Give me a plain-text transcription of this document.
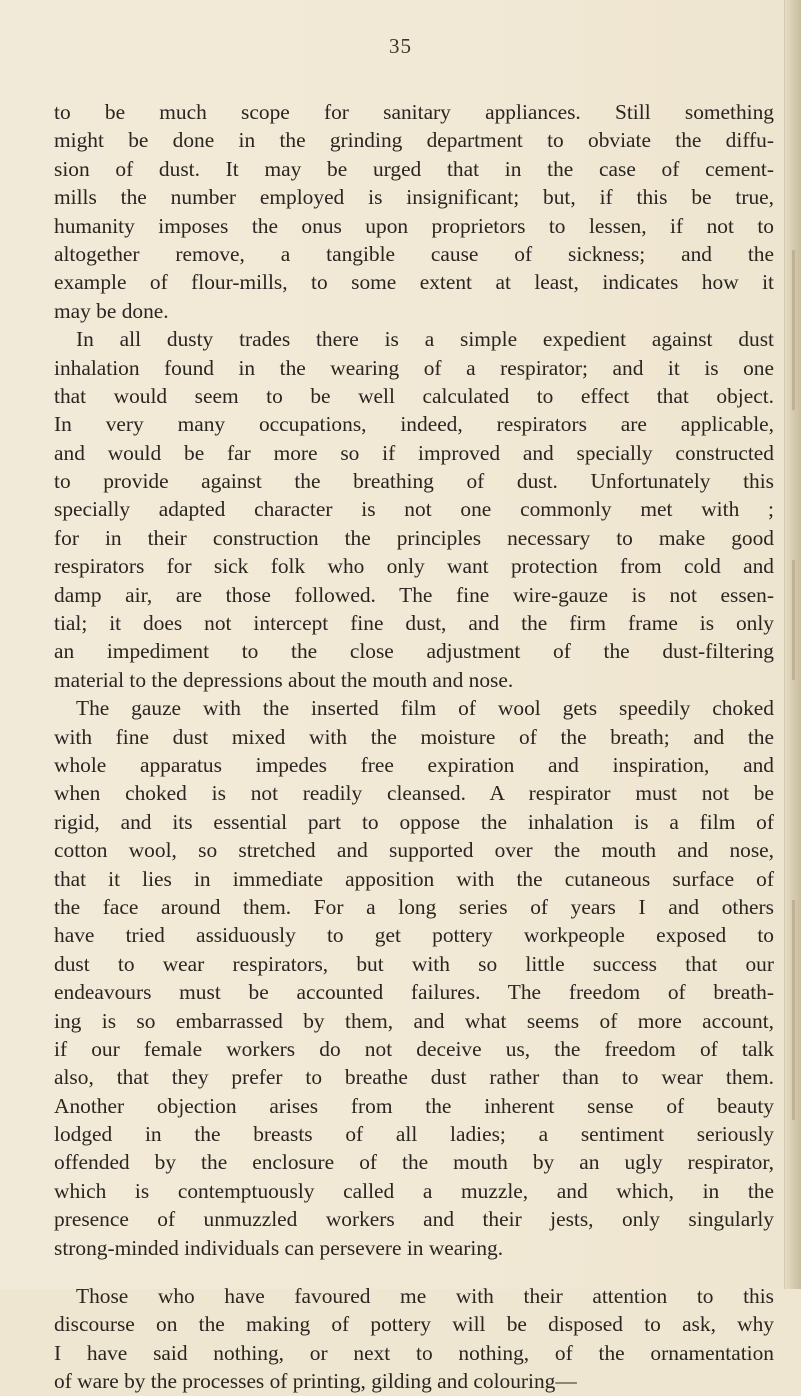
35
to be much scope for sanitary appliances. Still something
might be done in the grinding department to obviate the diffu-
sion of dust. It may be urged that in the case of cement-
mills the number employed is insignificant; but, if this be true,
humanity imposes the onus upon proprietors to lessen, if not to
altogether remove, a tangible cause of sickness; and the
example of flour-mills, to some extent at least, indicates how it
may be done.
In all dusty trades there is a simple expedient against dust
inhalation found in the wearing of a respirator; and it is one
that would seem to be well calculated to effect that object.
In very many occupations, indeed, respirators are applicable,
and would be far more so if improved and specially constructed
to provide against the breathing of dust. Unfortunately this
specially adapted character is not one commonly met with ;
for in their construction the principles necessary to make good
respirators for sick folk who only want protection from cold and
damp air, are those followed. The fine wire-gauze is not essen-
tial; it does not intercept fine dust, and the firm frame is only
an impediment to the close adjustment of the dust-filtering
material to the depressions about the mouth and nose.
The gauze with the inserted film of wool gets speedily choked
with fine dust mixed with the moisture of the breath; and the
whole apparatus impedes free expiration and inspiration, and
when choked is not readily cleansed. A respirator must not be
rigid, and its essential part to oppose the inhalation is a film of
cotton wool, so stretched and supported over the mouth and nose,
that it lies in immediate apposition with the cutaneous surface of
the face around them. For a long series of years I and others
have tried assiduously to get pottery workpeople exposed to
dust to wear respirators, but with so little success that our
endeavours must be accounted failures. The freedom of breath-
ing is so embarrassed by them, and what seems of more account,
if our female workers do not deceive us, the freedom of talk
also, that they prefer to breathe dust rather than to wear them.
Another objection arises from the inherent sense of beauty
lodged in the breasts of all ladies; a sentiment seriously
offended by the enclosure of the mouth by an ugly respirator,
which is contemptuously called a muzzle, and which, in the
presence of unmuzzled workers and their jests, only singularly
strong-minded individuals can persevere in wearing.
Those who have favoured me with their attention to this
discourse on the making of pottery will be disposed to ask, why
I have said nothing, or next to nothing, of the ornamentation
of ware by the processes of printing, gilding and colouring—
